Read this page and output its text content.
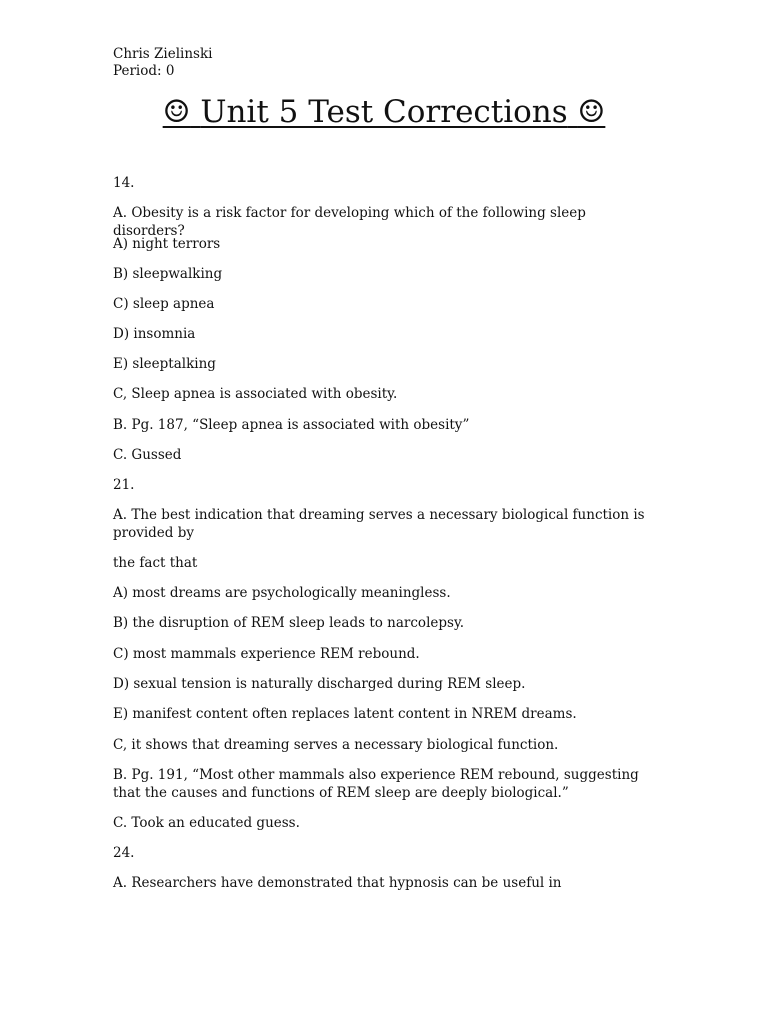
Chris Zielinski
Period: 0
☺ Unit 5 Test Corrections ☺
14.
A. Obesity is a risk factor for developing which of the following sleep disorders?
A) night terrors
B) sleepwalking
C) sleep apnea
D) insomnia
E) sleeptalking
C, Sleep apnea is associated with obesity.
B. Pg. 187, “Sleep apnea is associated with obesity”
C. Gussed
21.
A. The best indication that dreaming serves a necessary biological function is provided by
the fact that
A) most dreams are psychologically meaningless.
B) the disruption of REM sleep leads to narcolepsy.
C) most mammals experience REM rebound.
D) sexual tension is naturally discharged during REM sleep.
E) manifest content often replaces latent content in NREM dreams.
C, it shows that dreaming serves a necessary biological function.
B. Pg. 191, “Most other mammals also experience REM rebound, suggesting that the causes and functions of REM sleep are deeply biological.”
C. Took an educated guess.
24.
A. Researchers have demonstrated that hypnosis can be useful in
